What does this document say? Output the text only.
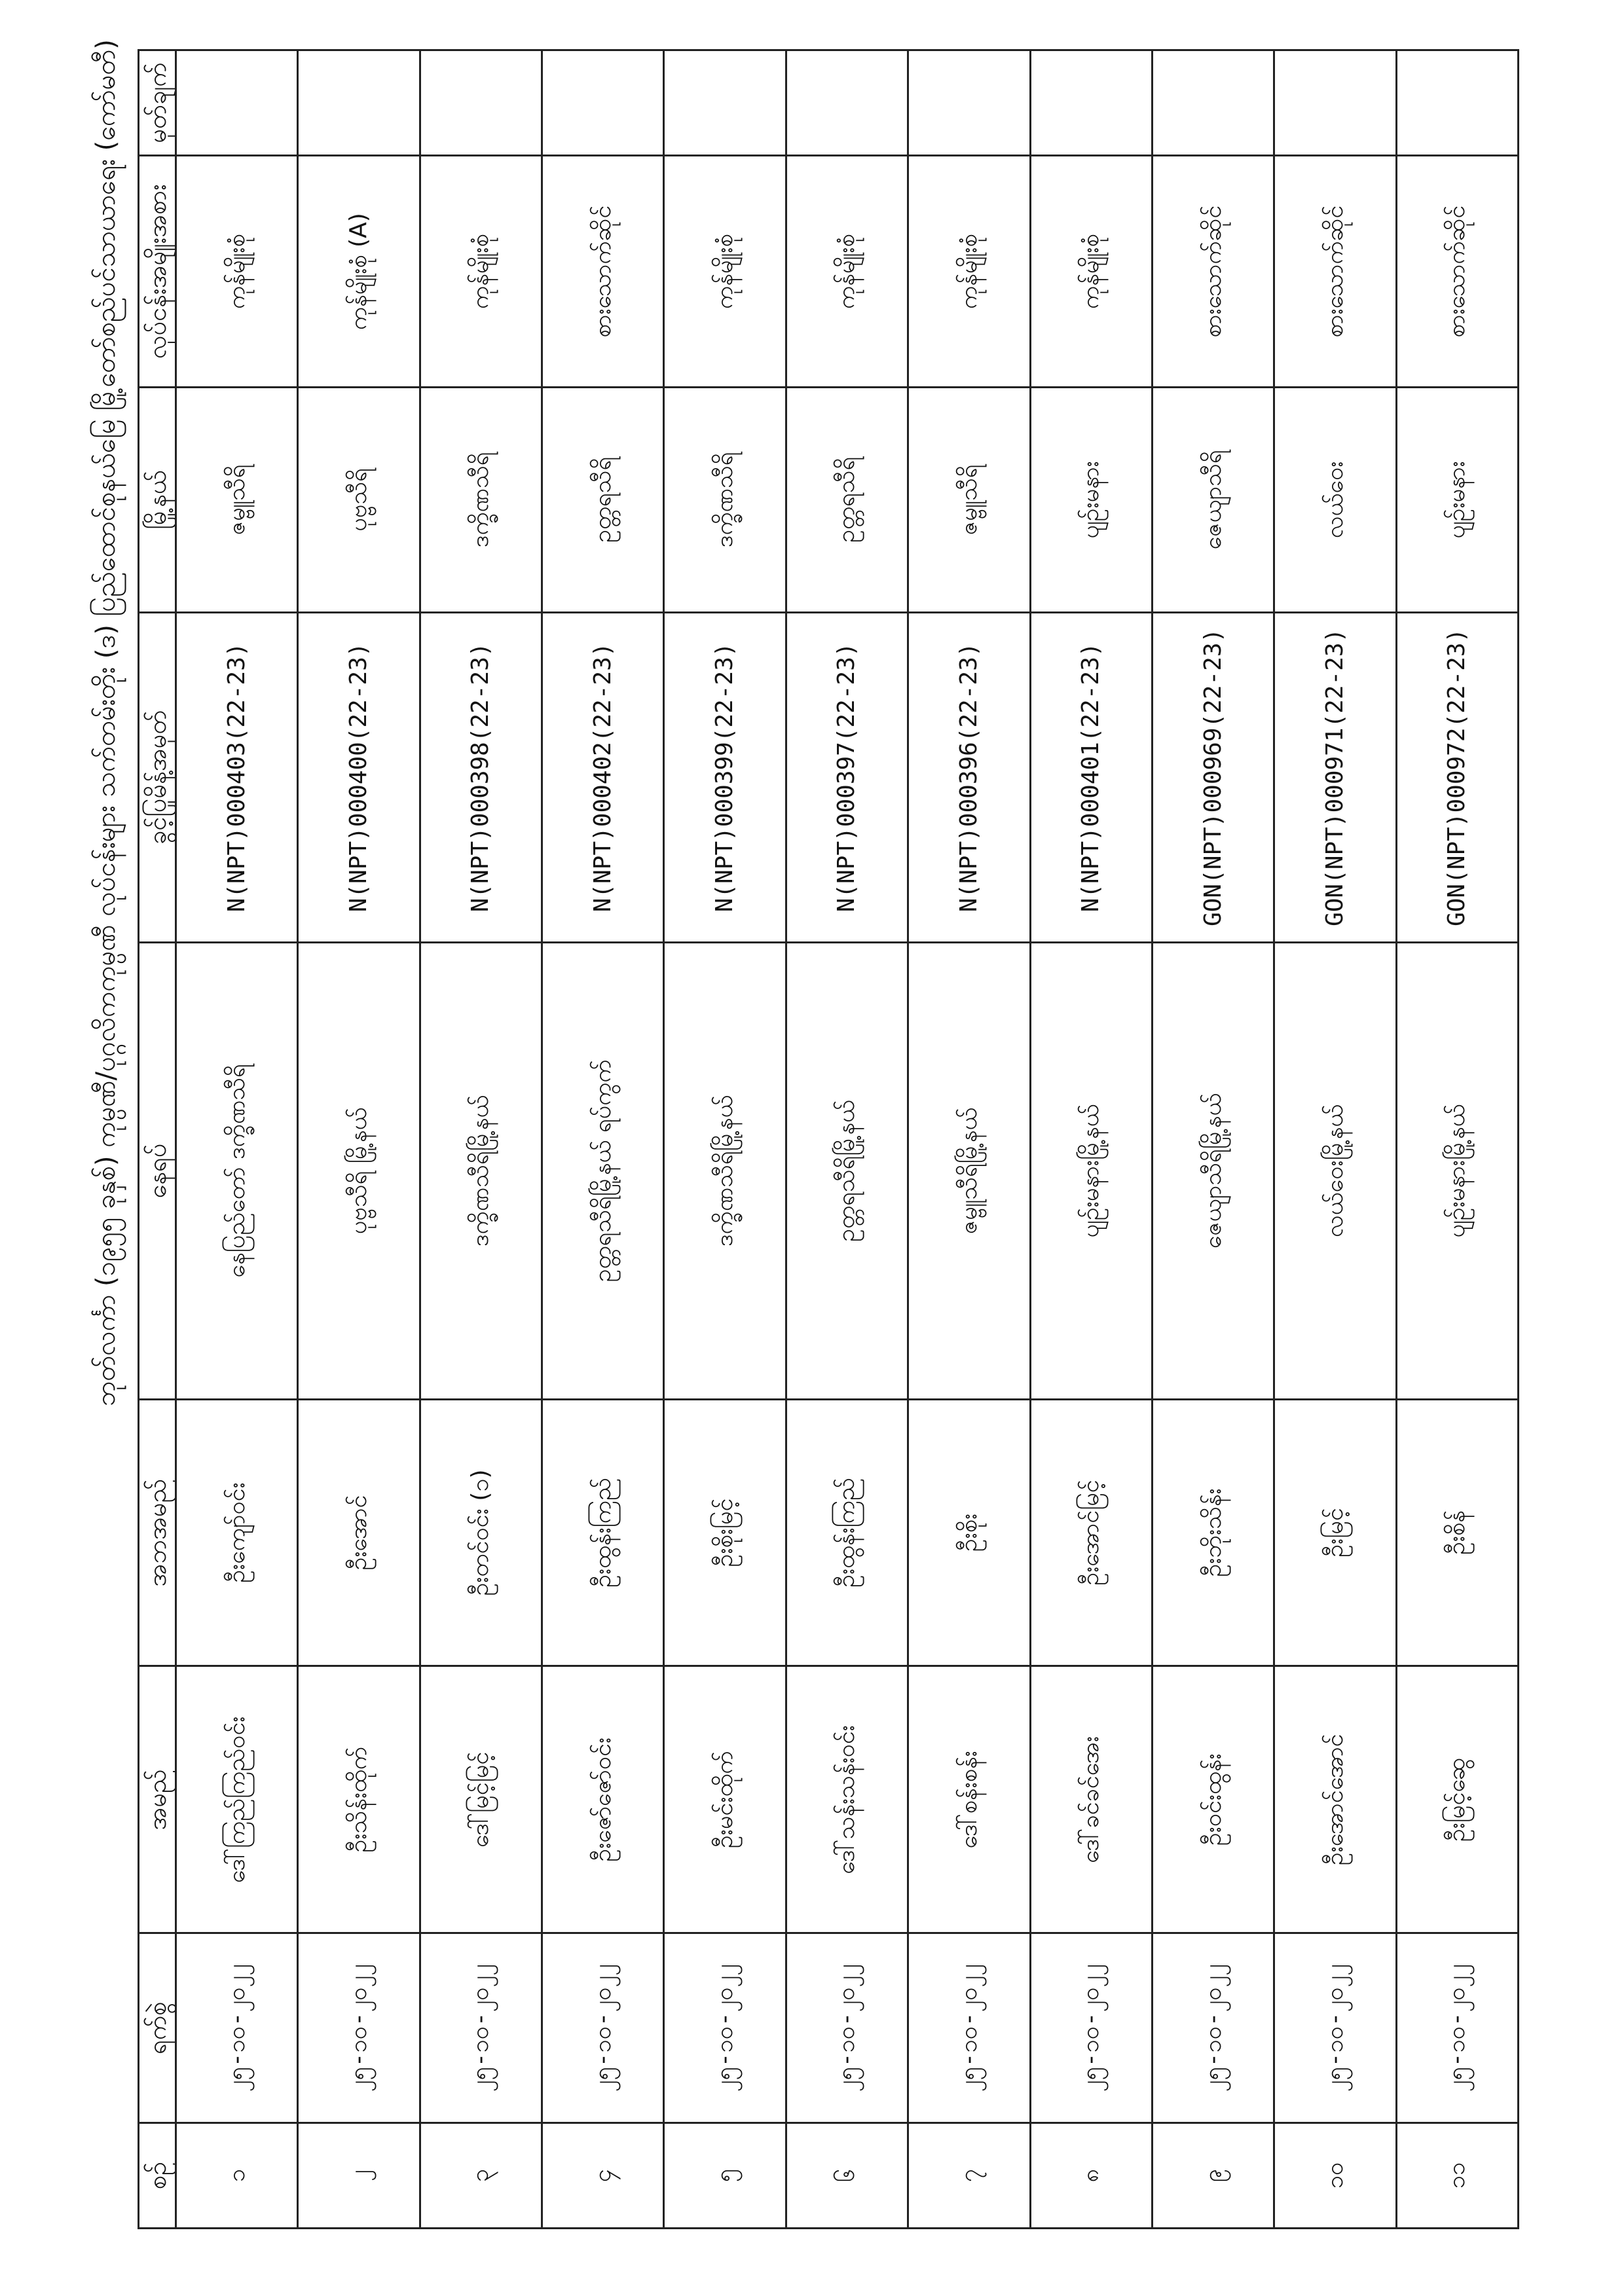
ဘုတ်လင်္ကာ (၁၉၅၅ ခုနှစ်) ကုမ္ပဏီ/ပုဂ္ဂလိကကုမ္ပဏီ လုပ်ငန်းများ သက်တမ်းတိုး (ဒ) ပြည်ထောင်စုနယ်မြေ မြို့တော်စည်ပင်သာယာရေး (ကော်မတီ)
စဉ်	ရက်စွဲ	အမည်	အဘအမည်	နေရပ်	ခွင့်ပြုမိန့်အမှတ်	မြို့နယ်	လုပ်ငန်းအမျိုးအစား	မှတ်ချက်
၁	၂၅-၁၀-၂၀၂၂	ဒေါ်ကြည်ကြည်ဝင်း	ဦးကျော်ဝင်း	နေပြည်တော် ဒက္ခိဏသီရိ	N(NPT)000403(22-23)	ဇမ္ဗူသီရိ	ကုန်မျိုးစုံ	
၂	၂၅-၁၀-၂၀၂၂	ဦးသိန်းထိုက်	ဦးအောင်	ပုဗ္ဗသီရိ မြို့နယ်	N(NPT)000400(22-23)	ပုဗ္ဗသီရိ	ကုန်မျိုးစုံ (A)	
၃	၂၅-၁၀-၂၀၂၂	ဒေါ်မြင့်မြင့်	ဦးတင်ဝင်း (၁)	ဒက္ခိဏသီရိမြို့နယ်	N(NPT)000398(22-23)	ဒက္ခိဏသီရိ	ကုန်မျိုးစုံ	
၄	၂၅-၁၀-၂၀၂၂	ဦးဇော်ဇော်ဝင်း	ဦးထွန်းကြည်	ဥတ္တရသီရိမြို့နယ် ရပ်ကွက်	N(NPT)000402(22-23)	ဥတ္တရသီရိ	စားသောက်ဆိုင်	
၅	၂၅-၁၀-၂၀၂၂	ဦးမင်းထိုက်	ဦးစိုးမြင့်	ဒက္ခိဏသီရိမြို့နယ်	N(NPT)000399(22-23)	ဒက္ခိဏသီရိ	ကုန်မျိုးစုံ	
၆	၂၅-၁၀-၂၀၂၂	ဒေါ်သန်းသန်းဝင်း	ဦးထွန်းကြည်	ဥတ္တရသီရိမြို့နယ်	N(NPT)000397(22-23)	ဥတ္တရသီရိ	ကုန်မျိုးစုံ	
၇	၂၅-၁၀-၂၀၂၂	ဒေါ်စန်းစန်း	ဦးစိုး	ဇမ္ဗူသီရိမြို့နယ်	N(NPT)000396(22-23)	ဇမ္ဗူသီရိ	ကုန်မျိုးစုံ	
၈	၂၅-၁၀-၂၀၂၂	ဒေါ်ခင်ခင်အေး	ဦးအောင်မြင့်	ပျဉ်းမနားမြို့နယ်	N(NPT)000401(22-23)	ပျဉ်းမနား	ကုန်မျိုးစုံ	
၉	၂၅-၁၀-၂၀၂၂	ဦးဝင်းထွန်း	ဦးဘိုးသိန်း	ဇေယျာသီရိမြို့နယ်	GON(NPT)000969(22-23)	ဇေယျာသီရိ	စားသောက်ဆိုင်	
၁၀	၂၅-၁၀-၂၀၂၂	ဦးအောင်အောင်	ဦးမြင့်	လယ်ဝေးမြို့နယ်	GON(NPT)000971(22-23)	လယ်ဝေး	စားသောက်ဆိုင်	
၁၁	၂၅-၁၀-၂၀၂၂	ဦးမြင့်ဆွေ	ဦးစိန်	ပျဉ်းမနားမြို့နယ်	GON(NPT)000972(22-23)	ပျဉ်းမနား	စားသောက်ဆိုင်	
